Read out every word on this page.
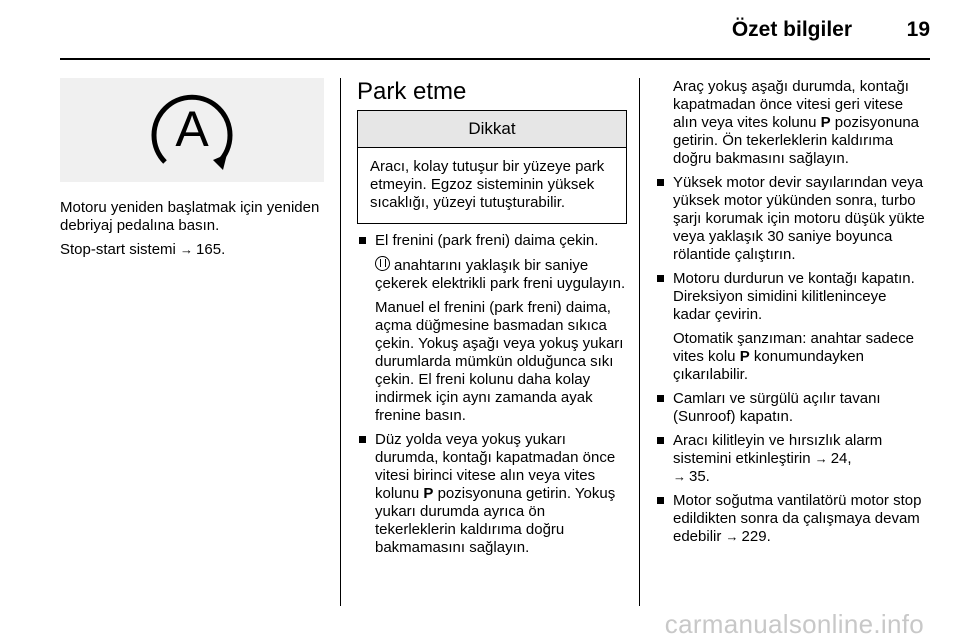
Özet bilgiler	19
A

Motoru yeniden başlatmak için yeniden debriyaj pedalına basın.

Stop-start sistemi → 165.

Park etme
Dikkat
Aracı, kolay tutuşur bir yüzeye park etmeyin. Egzoz sisteminin yüksek sıcaklığı, yüzeyi tutuşturabilir.
El frenini (park freni) daima çekin.
anahtarını yaklaşık bir saniye çekerek elektrikli park freni uygulayın.
Manuel el frenini (park freni) daima, açma düğmesine basmadan sıkıca çekin. Yokuş aşağı veya yokuş yukarı durumlarda mümkün olduğunca sıkı çekin. El freni kolunu daha kolay indirmek için aynı zamanda ayak frenine basın.
Düz yolda veya yokuş yukarı durumda, kontağı kapatmadan önce vitesi birinci vitese alın veya vites kolunu P pozisyonuna getirin. Yokuş yukarı durumda ayrıca ön tekerleklerin kaldırıma doğru bakmamasını sağlayın.
Araç yokuş aşağı durumda, kontağı kapatmadan önce vitesi geri vitese alın veya vites kolunu P pozisyonuna getirin. Ön tekerleklerin kaldırıma doğru bakmasını sağlayın.
Yüksek motor devir sayılarından veya yüksek motor yükünden sonra, turbo şarjı korumak için motoru düşük yükte veya yaklaşık 30 saniye boyunca rölantide çalıştırın.
Motoru durdurun ve kontağı kapatın. Direksiyon simidini kilitleninceye kadar çevirin.
Otomatik şanzıman: anahtar sadece vites kolu P konumundayken çıkarılabilir.
Camları ve sürgülü açılır tavanı (Sunroof) kapatın.
Aracı kilitleyin ve hırsızlık alarm sistemini etkinleştirin → 24,
→ 35.
Motor soğutma vantilatörü motor stop edildikten sonra da çalışmaya devam edebilir → 229.
carmanualsonline.info
